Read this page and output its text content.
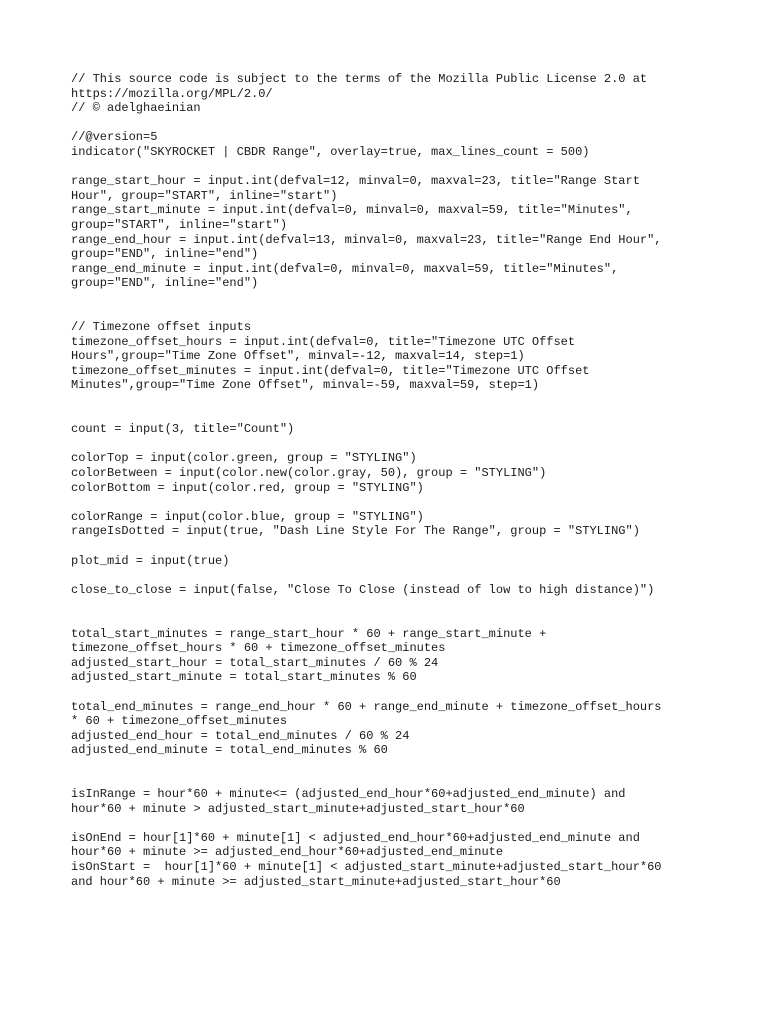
// This source code is subject to the terms of the Mozilla Public License 2.0 at
https://mozilla.org/MPL/2.0/
// © adelghaeinian

//@version=5
indicator("SKYROCKET | CBDR Range", overlay=true, max_lines_count = 500)

range_start_hour = input.int(defval=12, minval=0, maxval=23, title="Range Start
Hour", group="START", inline="start")
range_start_minute = input.int(defval=0, minval=0, maxval=59, title="Minutes",
group="START", inline="start")
range_end_hour = input.int(defval=13, minval=0, maxval=23, title="Range End Hour",
group="END", inline="end")
range_end_minute = input.int(defval=0, minval=0, maxval=59, title="Minutes",
group="END", inline="end")

// Timezone offset inputs
timezone_offset_hours = input.int(defval=0, title="Timezone UTC Offset
Hours",group="Time Zone Offset", minval=-12, maxval=14, step=1)
timezone_offset_minutes = input.int(defval=0, title="Timezone UTC Offset
Minutes",group="Time Zone Offset", minval=-59, maxval=59, step=1)

count = input(3, title="Count")

colorTop = input(color.green, group = "STYLING")
colorBetween = input(color.new(color.gray, 50), group = "STYLING")
colorBottom = input(color.red, group = "STYLING")

colorRange = input(color.blue, group = "STYLING")
rangeIsDotted = input(true, "Dash Line Style For The Range", group = "STYLING")

plot_mid = input(true)

close_to_close = input(false, "Close To Close (instead of low to high distance)")

total_start_minutes = range_start_hour * 60 + range_start_minute +
timezone_offset_hours * 60 + timezone_offset_minutes
adjusted_start_hour = total_start_minutes / 60 % 24
adjusted_start_minute = total_start_minutes % 60

total_end_minutes = range_end_hour * 60 + range_end_minute + timezone_offset_hours
* 60 + timezone_offset_minutes
adjusted_end_hour = total_end_minutes / 60 % 24
adjusted_end_minute = total_end_minutes % 60

isInRange = hour*60 + minute<= (adjusted_end_hour*60+adjusted_end_minute) and
hour*60 + minute > adjusted_start_minute+adjusted_start_hour*60

isOnEnd = hour[1]*60 + minute[1] < adjusted_end_hour*60+adjusted_end_minute and
hour*60 + minute >= adjusted_end_hour*60+adjusted_end_minute
isOnStart =  hour[1]*60 + minute[1] < adjusted_start_minute+adjusted_start_hour*60
and hour*60 + minute >= adjusted_start_minute+adjusted_start_hour*60
